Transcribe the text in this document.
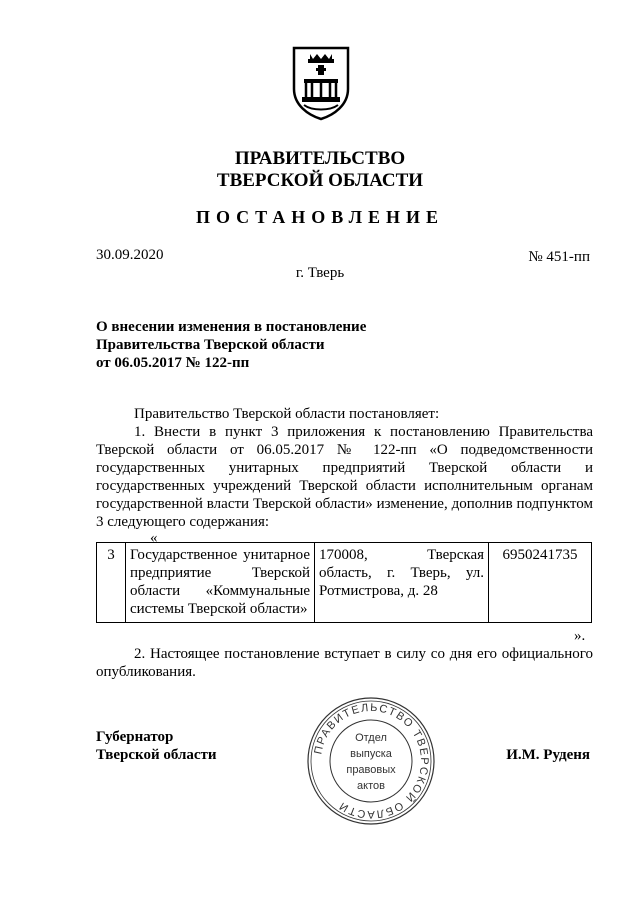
ПРАВИТЕЛЬСТВО
ТВЕРСКОЙ ОБЛАСТИ
ПОСТАНОВЛЕНИЕ
30.09.2020	№ 451-пп
г. Тверь
О внесении изменения в постановление
Правительства Тверской области
от 06.05.2017 № 122-пп
Правительство Тверской области постановляет:
1. Внести в пункт 3 приложения к постановлению Правительства Тверской области от 06.05.2017 № 122-пп «О подведомственности государственных унитарных предприятий Тверской области и государственных учреждений Тверской области исполнительным органам государственной власти Тверской области» изменение, дополнив подпунктом 3 следующего содержания:
«
3	Государственное унитарное предприятие Тверской области «Коммунальные системы Тверской области»	170008, Тверская область, г. Тверь, ул. Ротмистрова, д. 28	6950241735
».
2. Настоящее постановление вступает в силу со дня его официального опубликования.
Губернатор
Тверской области	ПРАВИТЕЛЬСТВО ТВЕРСКОЙ ОБЛАСТИ
Отдел
выпуска
правовых
актов
И.М. Руденя
